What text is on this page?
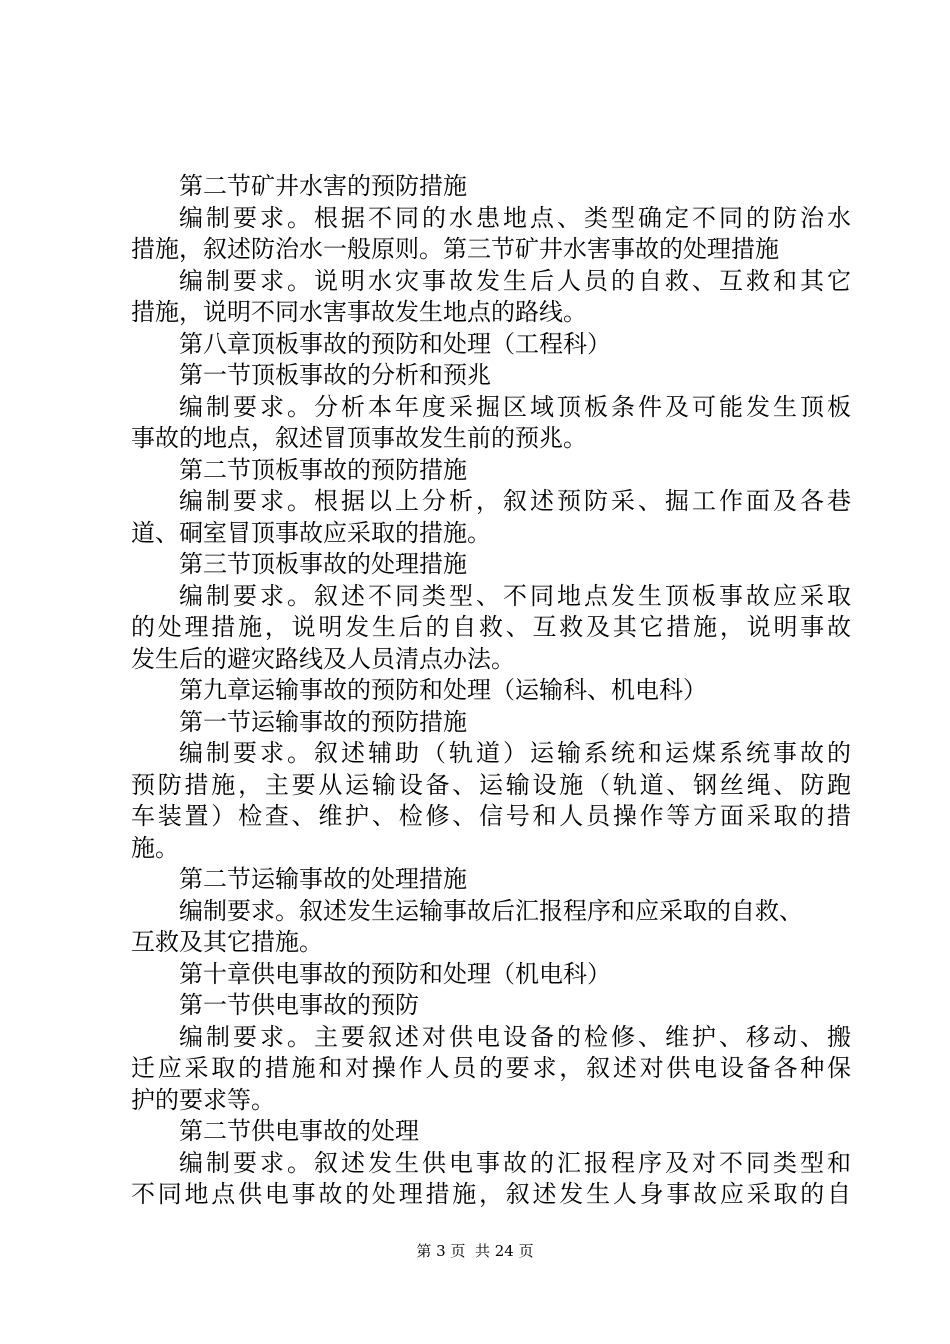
第二节矿井水害的预防措施
编制要求。根据不同的水患地点、类型确定不同的防治水
措施，叙述防治水一般原则。第三节矿井水害事故的处理措施
编制要求。说明水灾事故发生后人员的自救、互救和其它
措施，说明不同水害事故发生地点的路线。
第八章顶板事故的预防和处理（工程科）
第一节顶板事故的分析和预兆
编制要求。分析本年度采掘区域顶板条件及可能发生顶板
事故的地点，叙述冒顶事故发生前的预兆。
第二节顶板事故的预防措施
编制要求。根据以上分析，叙述预防采、掘工作面及各巷
道、硐室冒顶事故应采取的措施。
第三节顶板事故的处理措施
编制要求。叙述不同类型、不同地点发生顶板事故应采取
的处理措施，说明发生后的自救、互救及其它措施，说明事故
发生后的避灾路线及人员清点办法。
第九章运输事故的预防和处理（运输科、机电科）
第一节运输事故的预防措施
编制要求。叙述辅助（轨道）运输系统和运煤系统事故的
预防措施，主要从运输设备、运输设施（轨道、钢丝绳、防跑
车装置）检查、维护、检修、信号和人员操作等方面采取的措
施。
第二节运输事故的处理措施
编制要求。叙述发生运输事故后汇报程序和应采取的自救、
互救及其它措施。
第十章供电事故的预防和处理（机电科）
第一节供电事故的预防
编制要求。主要叙述对供电设备的检修、维护、移动、搬
迁应采取的措施和对操作人员的要求，叙述对供电设备各种保
护的要求等。
第二节供电事故的处理
编制要求。叙述发生供电事故的汇报程序及对不同类型和
不同地点供电事故的处理措施，叙述发生人身事故应采取的自
第 3 页  共 24 页
